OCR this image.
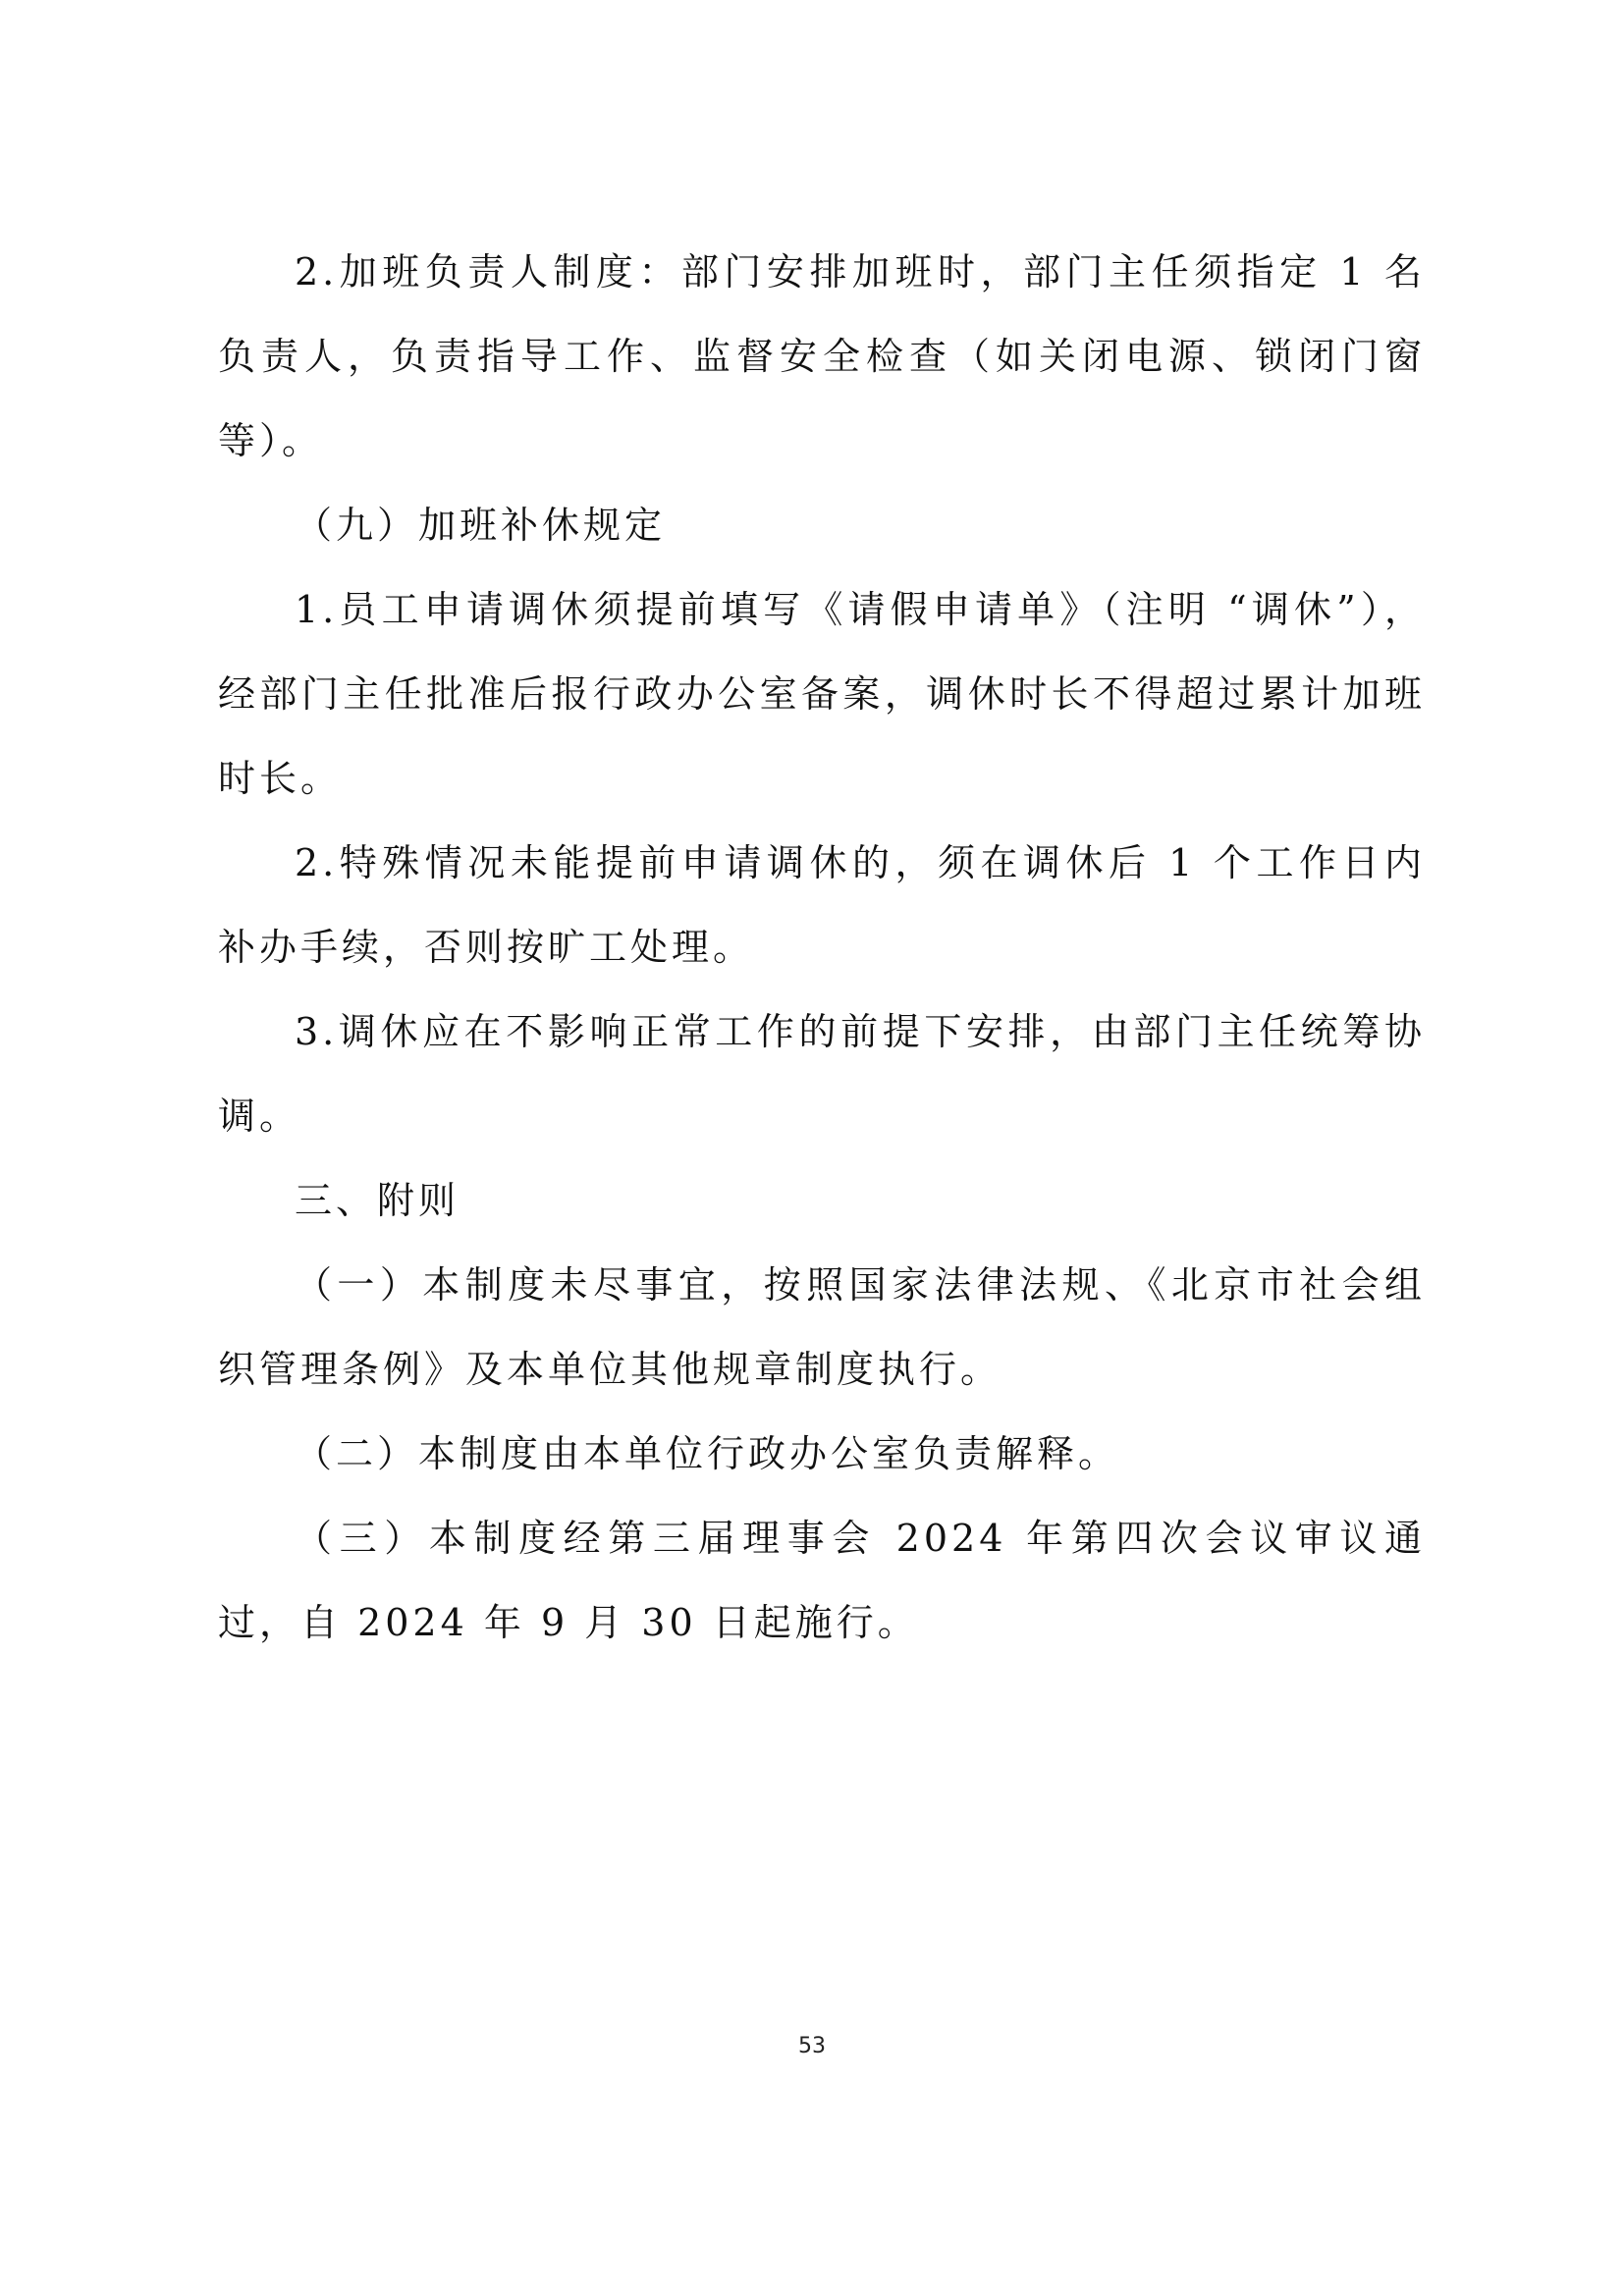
2.加班负责人制度：部门安排加班时，部门主任须指定 1 名负责人，负责指导工作、监督安全检查（如关闭电源、锁闭门窗等）。

（九）加班补休规定

1.员工申请调休须提前填写《请假申请单》（注明 “调休”），经部门主任批准后报行政办公室备案，调休时长不得超过累计加班时长。

2.特殊情况未能提前申请调休的，须在调休后 1 个工作日内补办手续，否则按旷工处理。

3.调休应在不影响正常工作的前提下安排，由部门主任统筹协调。

三、附则

（一）本制度未尽事宜，按照国家法律法规、《北京市社会组织管理条例》及本单位其他规章制度执行。

（二）本制度由本单位行政办公室负责解释。

（三）本制度经第三届理事会 2024 年第四次会议审议通过，自 2024 年 9 月 30 日起施行。

53
